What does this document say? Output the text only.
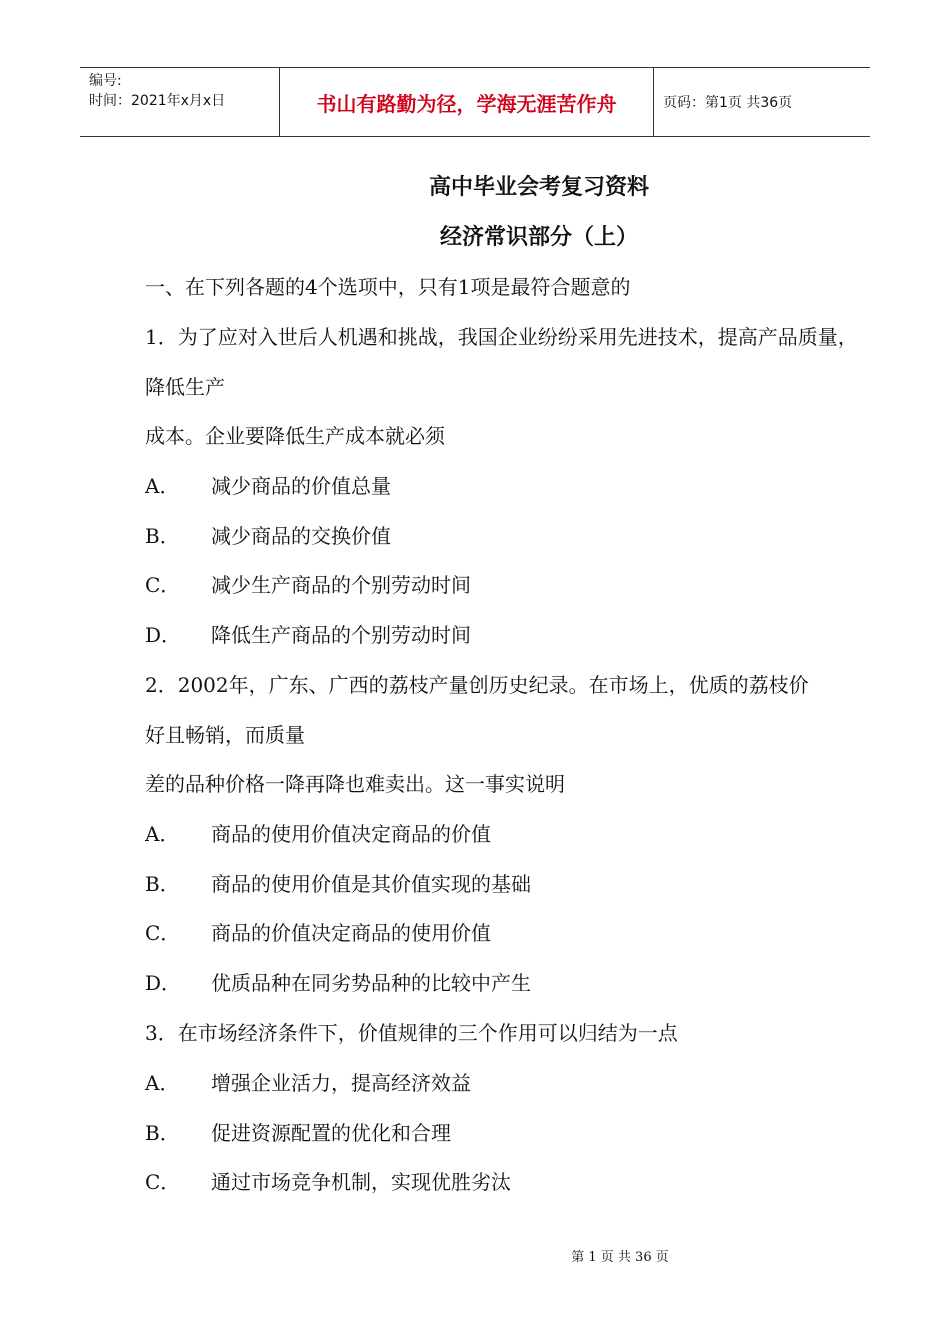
编号:
时间：2021年x月x日	书山有路勤为径，学海无涯苦作舟	页码：第1页 共36页
高中毕业会考复习资料
经济常识部分（上）
一、在下列各题的4个选项中，只有1项是最符合题意的
1．为了应对入世后人机遇和挑战，我国企业纷纷采用先进技术，提高产品质量，
降低生产
成本。企业要降低生产成本就必须
A． 减少商品的价值总量
B． 减少商品的交换价值
C． 减少生产商品的个别劳动时间
D． 降低生产商品的个别劳动时间
2．2002年，广东、广西的荔枝产量创历史纪录。在市场上，优质的荔枝价
好且畅销，而质量
差的品种价格一降再降也难卖出。这一事实说明
A． 商品的使用价值决定商品的价值
B． 商品的使用价值是其价值实现的基础
C． 商品的价值决定商品的使用价值
D． 优质品种在同劣势品种的比较中产生
3．在市场经济条件下，价值规律的三个作用可以归结为一点
A． 增强企业活力，提高经济效益
B． 促进资源配置的优化和合理
C． 通过市场竞争机制，实现优胜劣汰
第 1 页 共 36 页
